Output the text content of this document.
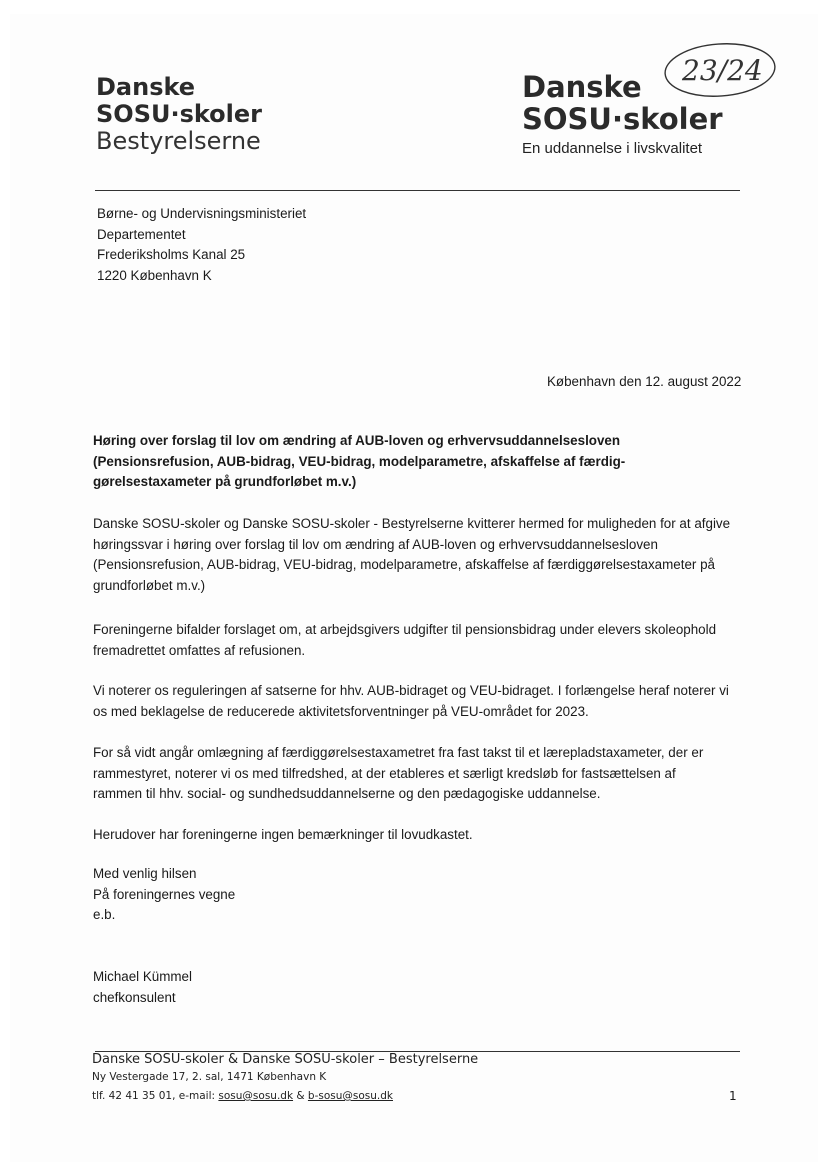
Danske
SOSU·skoler
Bestyrelserne
Danske
SOSU·skoler
En uddannelse i livskvalitet
23/24
Børne- og Undervisningsministeriet
Departementet
Frederiksholms Kanal 25
1220 København K
København den 12. august 2022
Høring over forslag til lov om ændring af AUB-loven og erhvervsuddannelsesloven
(Pensionsrefusion, AUB-bidrag, VEU-bidrag, modelparametre, afskaffelse af færdig-
gørelsestaxameter på grundforløbet m.v.)
Danske SOSU-skoler og Danske SOSU-skoler - Bestyrelserne kvitterer hermed for muligheden for at afgive
høringssvar i høring over forslag til lov om ændring af AUB-loven og erhvervsuddannelsesloven
(Pensionsrefusion, AUB-bidrag, VEU-bidrag, modelparametre, afskaffelse af færdiggørelsestaxameter på
grundforløbet m.v.)
Foreningerne bifalder forslaget om, at arbejdsgivers udgifter til pensionsbidrag under elevers skoleophold
fremadrettet omfattes af refusionen.
Vi noterer os reguleringen af satserne for hhv. AUB-bidraget og VEU-bidraget. I forlængelse heraf noterer vi
os med beklagelse de reducerede aktivitetsforventninger på VEU-området for 2023.
For så vidt angår omlægning af færdiggørelsestaxametret fra fast takst til et lærepladstaxameter, der er
rammestyret, noterer vi os med tilfredshed, at der etableres et særligt kredsløb for fastsættelsen af
rammen til hhv. social- og sundhedsuddannelserne og den pædagogiske uddannelse.
Herudover har foreningerne ingen bemærkninger til lovudkastet.
Med venlig hilsen
På foreningernes vegne
e.b.
Michael Kümmel
chefkonsulent
Danske SOSU-skoler & Danske SOSU-skoler – Bestyrelserne
Ny Vestergade 17, 2. sal, 1471 København K
tlf. 42 41 35 01, e-mail: sosu@sosu.dk & b-sosu@sosu.dk	1
